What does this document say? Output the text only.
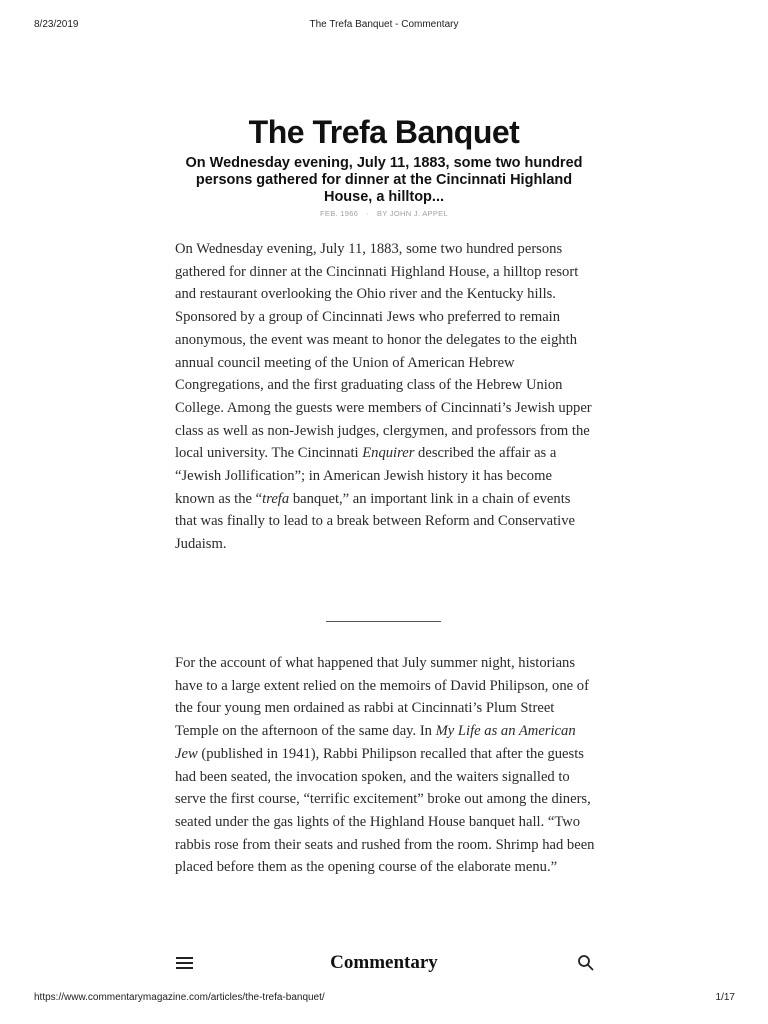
8/23/2019	The Trefa Banquet - Commentary
The Trefa Banquet

On Wednesday evening, July 11, 1883, some two hundred persons gathered for dinner at the Cincinnati Highland House, a hilltop...

FEB. 1966 · BY JOHN J. APPEL

On Wednesday evening, July 11, 1883, some two hundred persons gathered for dinner at the Cincinnati Highland House, a hilltop resort and restaurant overlooking the Ohio river and the Kentucky hills. Sponsored by a group of Cincinnati Jews who preferred to remain anonymous, the event was meant to honor the delegates to the eighth annual council meeting of the Union of American Hebrew Congregations, and the first graduating class of the Hebrew Union College. Among the guests were members of Cincinnati’s Jewish upper class as well as non-Jewish judges, clergymen, and professors from the local university. The Cincinnati Enquirer described the affair as a “Jewish Jollification”; in American Jewish history it has become known as the “trefa banquet,” an important link in a chain of events that was finally to lead to a break between Reform and Conservative Judaism.

For the account of what happened that July summer night, historians have to a large extent relied on the memoirs of David Philipson, one of the four young men ordained as rabbi at Cincinnati’s Plum Street Temple on the afternoon of the same day. In My Life as an American Jew (published in 1941), Rabbi Philipson recalled that after the guests had been seated, the invocation spoken, and the waiters signalled to serve the first course, “terrific excitement” broke out among the diners, seated under the gas lights of the Highland House banquet hall. “Two rabbis rose from their seats and rushed from the room. Shrimp had been placed before them as the opening course of the elaborate menu.”

Commentary
https://www.commentarymagazine.com/articles/the-trefa-banquet/	1/17
